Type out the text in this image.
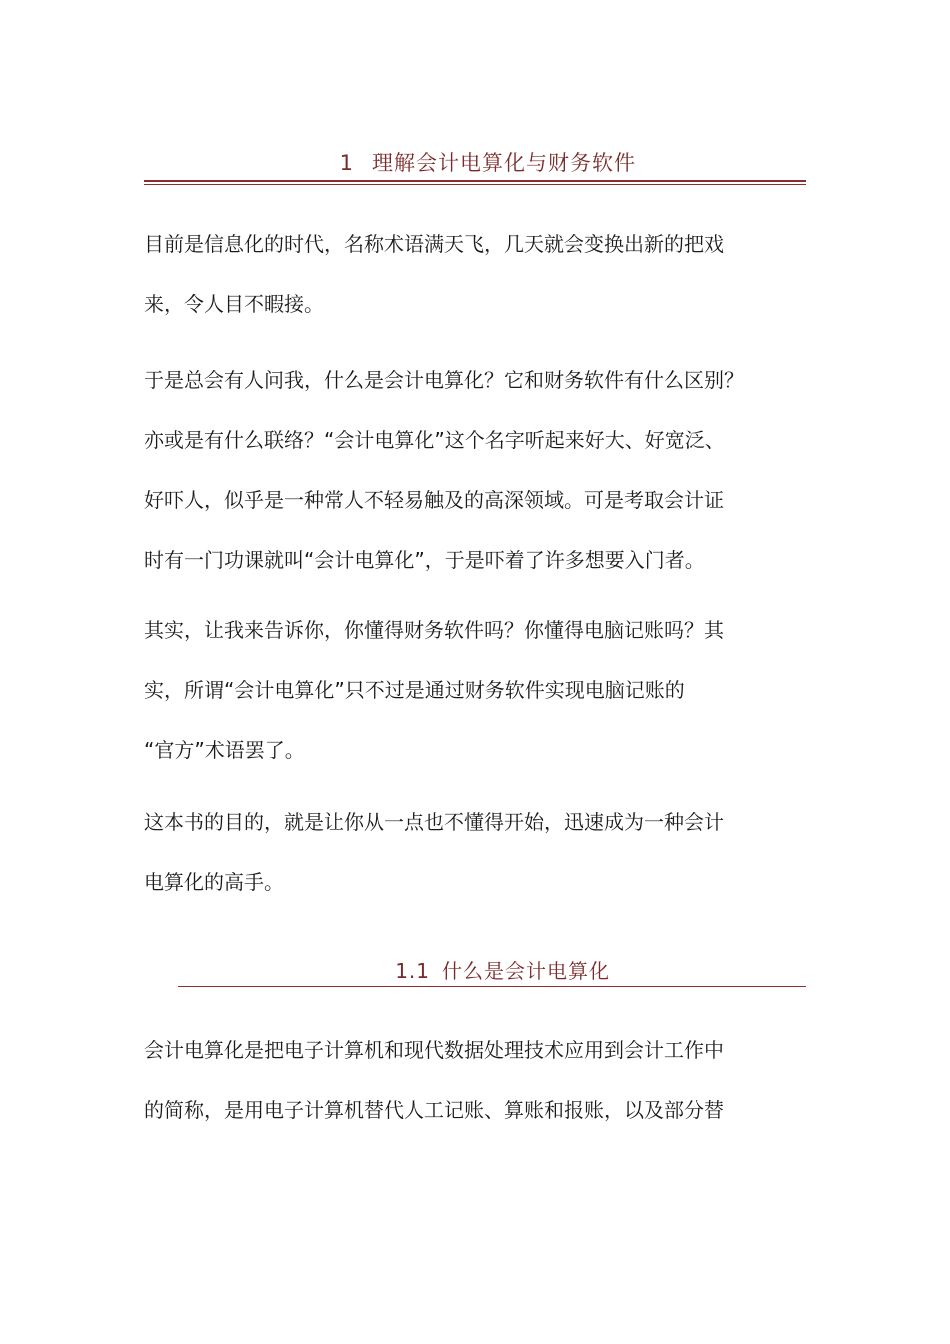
1 理解会计电算化与财务软件
目前是信息化的时代，名称术语满天飞，几天就会变换出新的把戏
来，令人目不暇接。
于是总会有人问我，什么是会计电算化？它和财务软件有什么区别？
亦或是有什么联络？“会计电算化”这个名字听起来好大、好宽泛、
好吓人，似乎是一种常人不轻易触及的高深领域。可是考取会计证
时有一门功课就叫“会计电算化”，于是吓着了许多想要入门者。
其实，让我来告诉你，你懂得财务软件吗？你懂得电脑记账吗？其
实，所谓“会计电算化”只不过是通过财务软件实现电脑记账的
“官方”术语罢了。
这本书的目的，就是让你从一点也不懂得开始，迅速成为一种会计
电算化的高手。
1.1 什么是会计电算化
会计电算化是把电子计算机和现代数据处理技术应用到会计工作中
的简称，是用电子计算机替代人工记账、算账和报账，以及部分替
